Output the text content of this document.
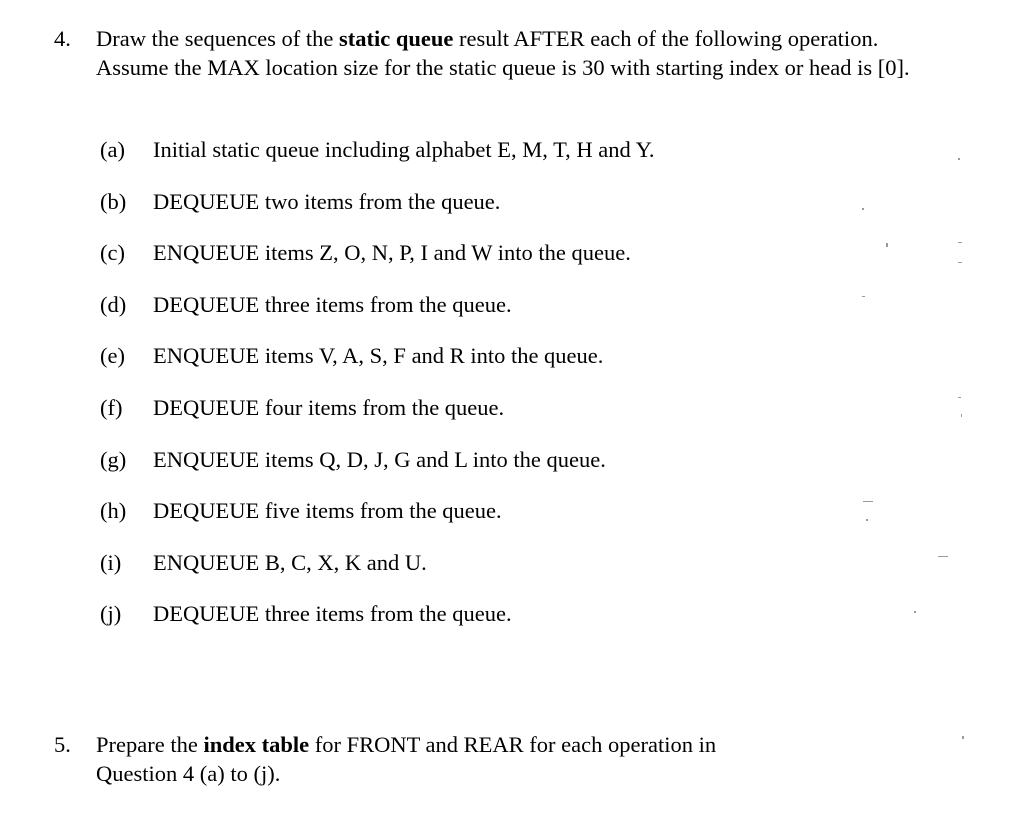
4. Draw the sequences of the static queue result AFTER each of the following operation.
Assume the MAX location size for the static queue is 30 with starting index or head is [0].
(a) Initial static queue including alphabet E, M, T, H and Y.
(b) DEQUEUE two items from the queue.
(c) ENQUEUE items Z, O, N, P, I and W into the queue.
(d) DEQUEUE three items from the queue.
(e) ENQUEUE items V, A, S, F and R into the queue.
(f) DEQUEUE four items from the queue.
(g) ENQUEUE items Q, D, J, G and L into the queue.
(h) DEQUEUE five items from the queue.
(i) ENQUEUE B, C, X, K and U.
(j) DEQUEUE three items from the queue.
5. Prepare the index table for FRONT and REAR for each operation in
Question 4 (a) to (j).
